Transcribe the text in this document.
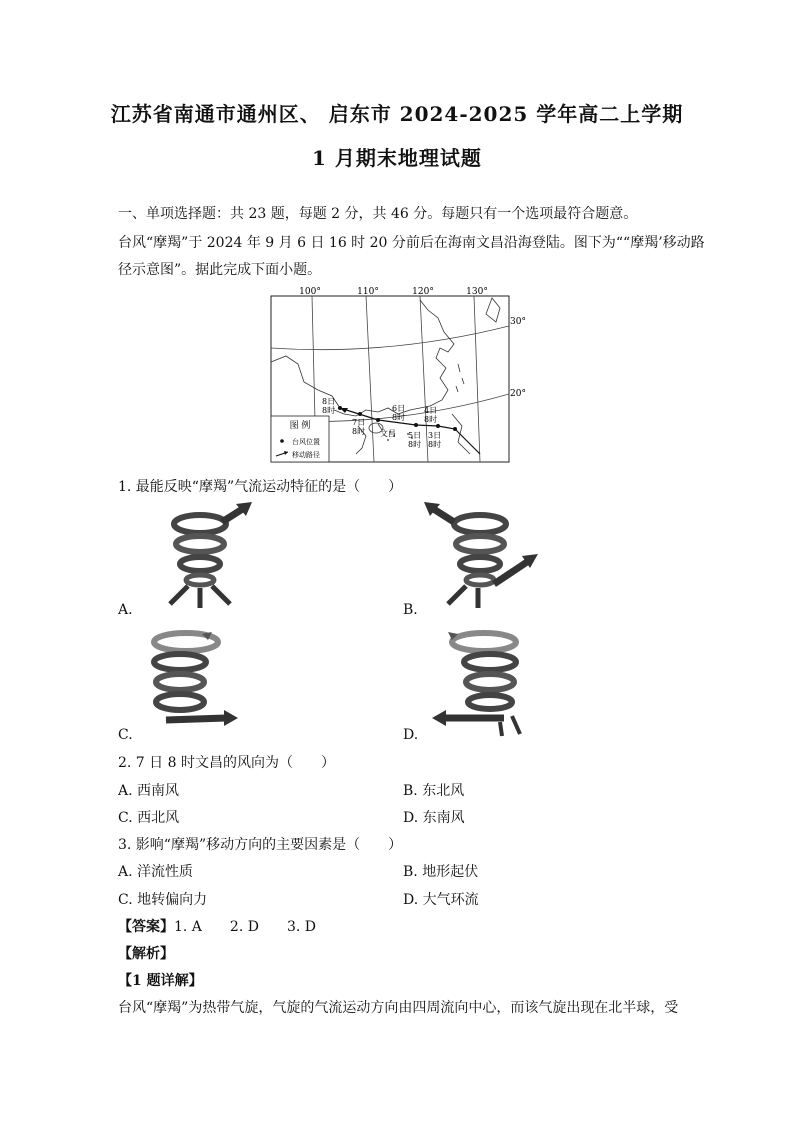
江苏省南通市通州区、 启东市 2024-2025 学年高二上学期
1 月期末地理试题
一、单项选择题：共 23 题，每题 2 分，共 46 分。每题只有一个选项最符合题意。
台风“摩羯”于 2024 年 9 月 6 日 16 时 20 分前后在海南文昌沿海登陆。图下为““摩羯’移动路
径示意图”。据此完成下面小题。
100°	110°	120°	130°
30°
20°
8日
8时
7日
8时
6日
8时
5日
8时
4日
8时
3日
8时
文昌
图 例
台风位置
移动路径
1. 最能反映“摩羯”气流运动特征的是（　　）
A.	B.
C.	D.
2. 7 日 8 时文昌的风向为（　　）
A. 西南风	B. 东北风
C. 西北风	D. 东南风
3. 影响“摩羯”移动方向的主要因素是（　　）
A. 洋流性质	B. 地形起伏
C. 地转偏向力	D. 大气环流
【答案】1. A　　2. D　　3. D
【解析】
【1 题详解】
台风“摩羯”为热带气旋，气旋的气流运动方向由四周流向中心，而该气旋出现在北半球，受
